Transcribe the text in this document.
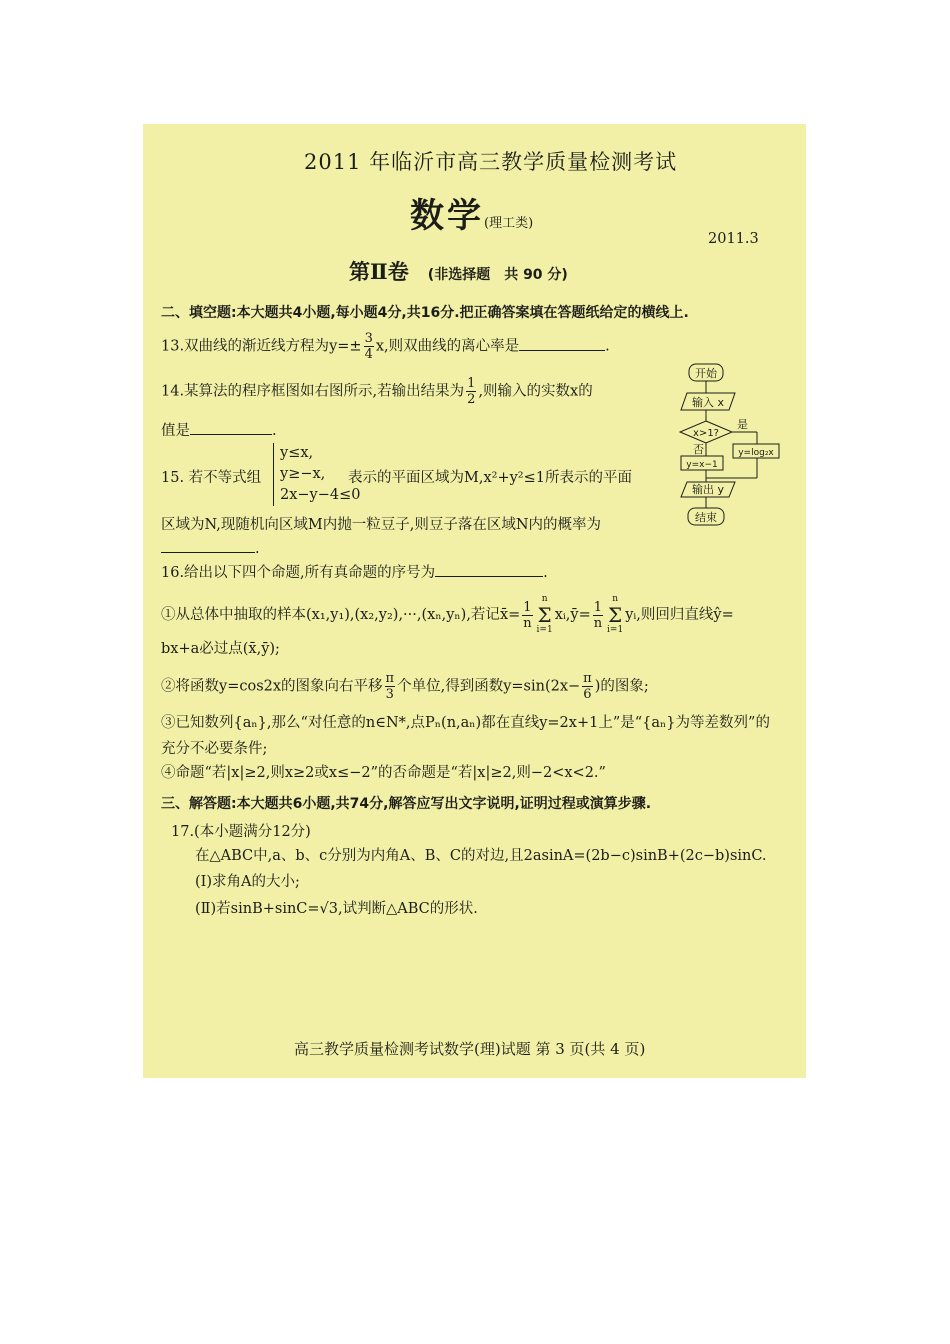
2011 年临沂市高三教学质量检测考试
数学(理工类)
2011.3
第Ⅱ卷 (非选择题　共 90 分)
二、填空题:本大题共4小题,每小题4分,共16分.把正确答案填在答题纸给定的横线上.
13.双曲线的渐近线方程为$y=\pm \frac{3}{4} x$,则双曲线的离心率是	.
14.某算法的程序框图如右图所示,若输出结果为 $\frac{1}{2}$ ,则输入的实数x的
值是	.
开始
输入 x
x>1?
是
否
y=x−1
y=log₂x
输出 y
结束
15. 若不等式组
y≤x,
y≥−x,
2x−y−4≤0
表示的平面区域为M,x²+y²≤1所表示的平面
区域为N,现随机向区域M内抛一粒豆子,则豆子落在区域N内的概率为
.
16.给出以下四个命题,所有真命题的序号为	.
①从总体中抽取的样本(x₁,y₁),(x₂,y₂),···,(xₙ,yₙ),若记x̄= $\frac{1}{n}$
n
Σ
i=1xᵢ,ȳ= $\frac{1}{n}$
n
Σ
i=1yᵢ,则回归直线ŷ=
bx+a必过点(x̄,ȳ);
②将函数y=cos2x的图象向右平移 $\frac{\pi}{3}$ 个单位,得到函数$y=\sin(2x- \frac{\pi}{6}$ )的图象;
③已知数列{aₙ},那么“对任意的n∈N*,点Pₙ(n,aₙ)都在直线y=2x+1上”是“{aₙ}为等差数列”的
充分不必要条件;
④命题“若|x|≥2,则x≥2或x≤−2”的否命题是“若|x|≥2,则−2<x<2.”
三、解答题:本大题共6小题,共74分,解答应写出文字说明,证明过程或演算步骤.
17.(本小题满分12分)
在△ABC中,a、b、c分别为内角A、B、C的对边,且2asinA=(2b−c)sinB+(2c−b)sinC.
(Ⅰ)求角A的大小;
(Ⅱ)若sinB+sinC=√3,试判断△ABC的形状.
高三教学质量检测考试数学(理)试题 第 3 页(共 4 页)
